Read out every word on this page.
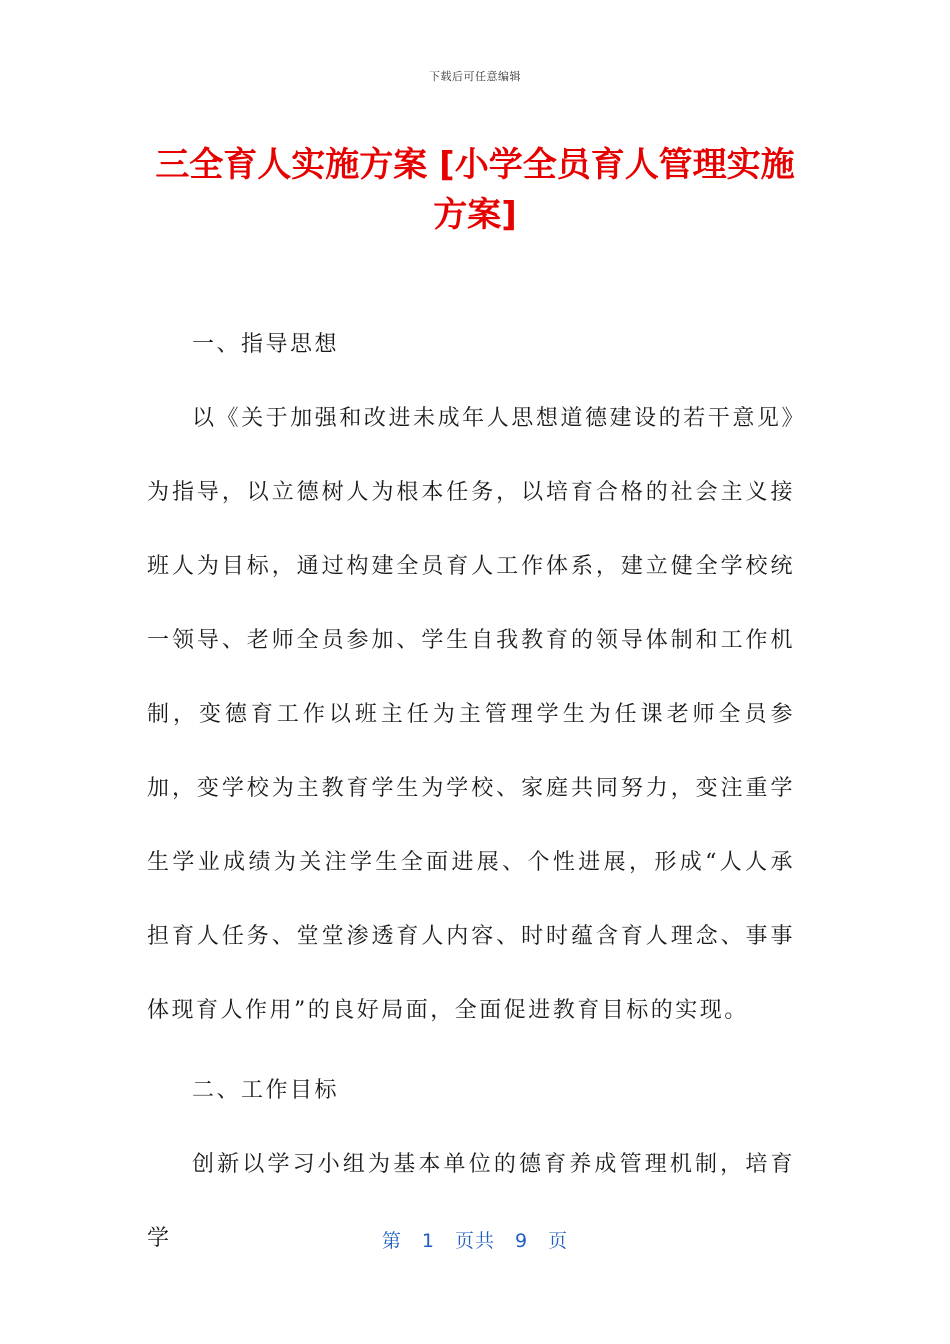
下载后可任意编辑
三全育人实施方案 [小学全员育人管理实施方案]
一、指导思想

以《关于加强和改进未成年人思想道德建设的若干意见》为指导，以立德树人为根本任务，以培育合格的社会主义接班人为目标，通过构建全员育人工作体系，建立健全学校统一领导、老师全员参加、学生自我教育的领导体制和工作机制，变德育工作以班主任为主管理学生为任课老师全员参加，变学校为主教育学生为学校、家庭共同努力，变注重学生学业成绩为关注学生全面进展、个性进展，形成“人人承担育人任务、堂堂渗透育人内容、时时蕴含育人理念、事事体现育人作用”的良好局面，全面促进教育目标的实现。

二、工作目标

创新以学习小组为基本单位的德育养成管理机制，培育学	第 1 页共 9 页
